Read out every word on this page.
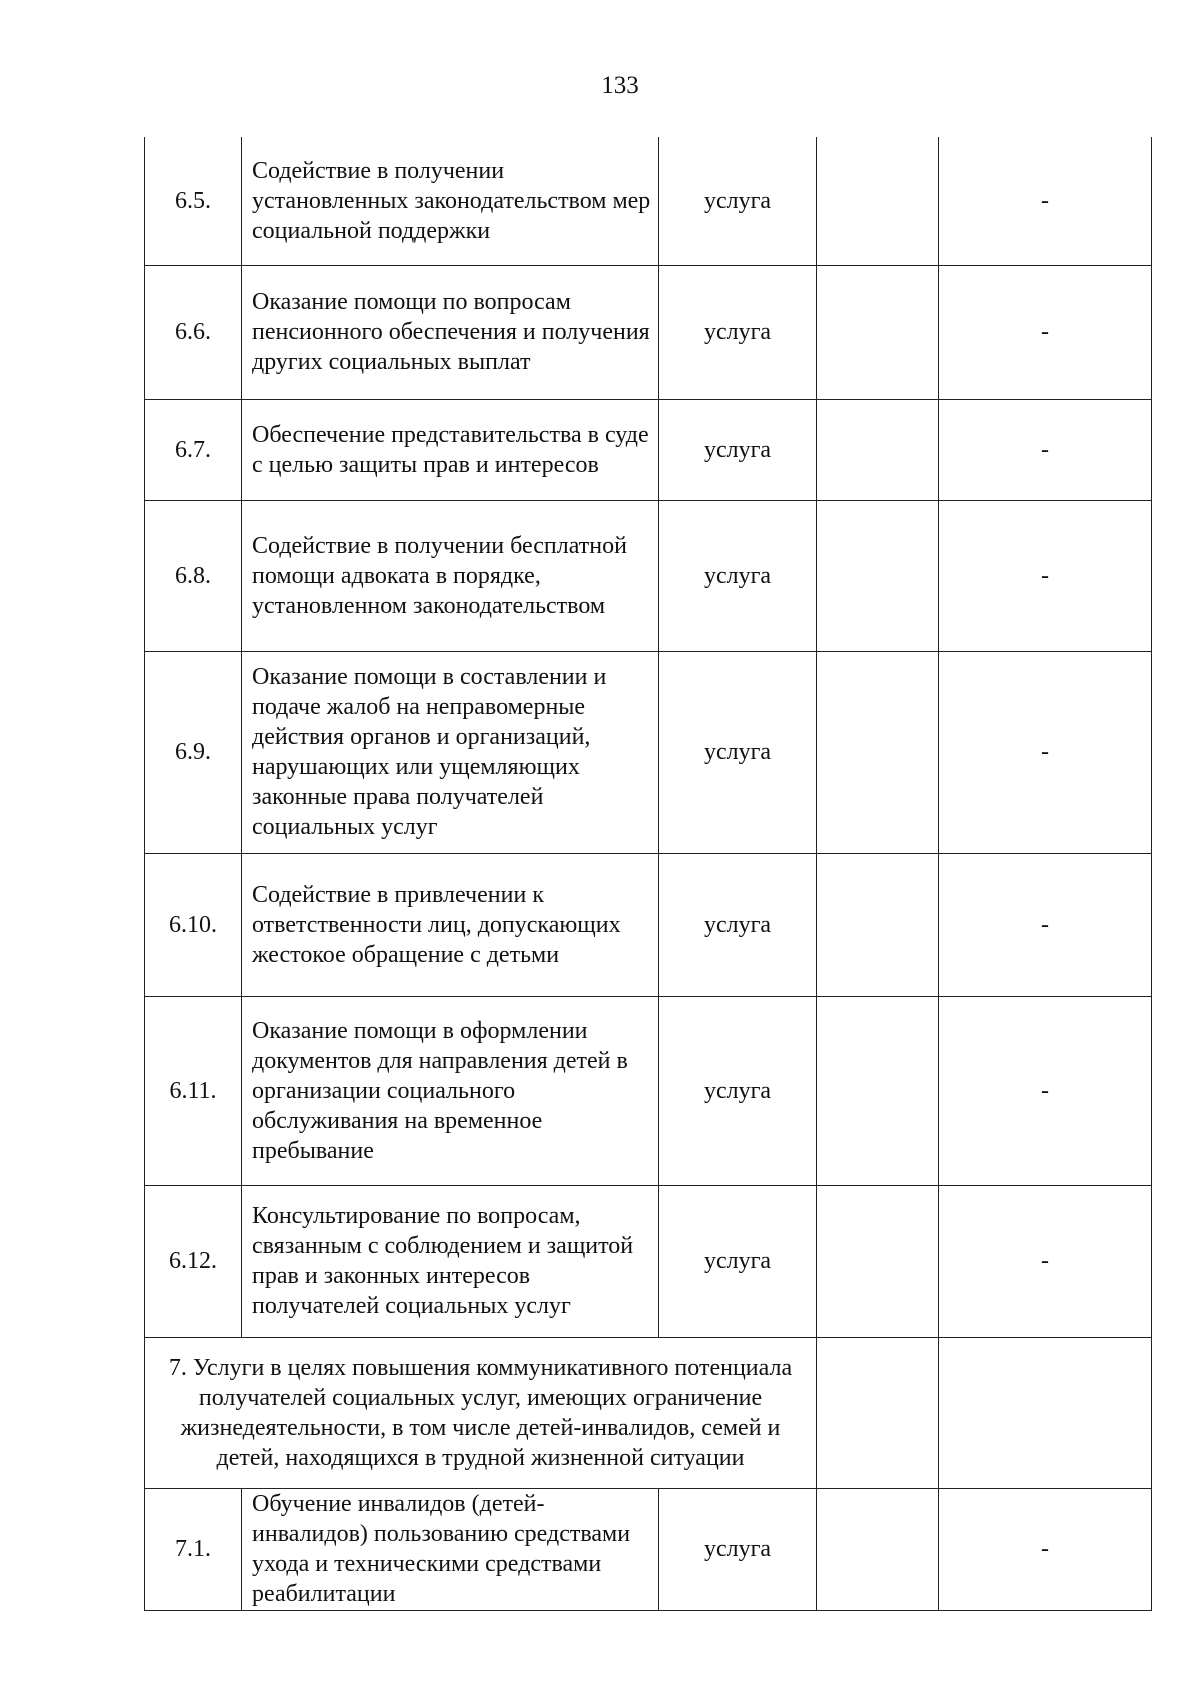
133
6.5.	Содействие в получении установленных законодательством мер социальной поддержки	услуга		-
6.6.	Оказание помощи по вопросам пенсионного обеспечения и получения других социальных выплат	услуга		-
6.7.	Обеспечение представительства в суде с целью защиты прав и интересов	услуга		-
6.8.	Содействие в получении бесплатной помощи адвоката в порядке, установленном законодательством	услуга		-
6.9.	Оказание помощи в составлении и подаче жалоб на неправомерные действия органов и организаций, нарушающих или ущемляющих законные права получателей социальных услуг	услуга		-
6.10.	Содействие в привлечении к ответственности лиц, допускающих жестокое обращение с детьми	услуга		-
6.11.	Оказание помощи в оформлении документов для направления детей в организации социального обслуживания на временное пребывание	услуга		-
6.12.	Консультирование по вопросам, связанным с соблюдением и защитой прав и законных интересов получателей социальных услуг	услуга		-
7. Услуги в целях повышения коммуникативного потенциала получателей социальных услуг, имеющих ограничение жизнедеятельности, в том числе детей-инвалидов, семей и детей, находящихся в трудной жизненной ситуации				
7.1.	Обучение инвалидов (детей-инвалидов) пользованию средствами ухода и техническими средствами реабилитации	услуга		-
